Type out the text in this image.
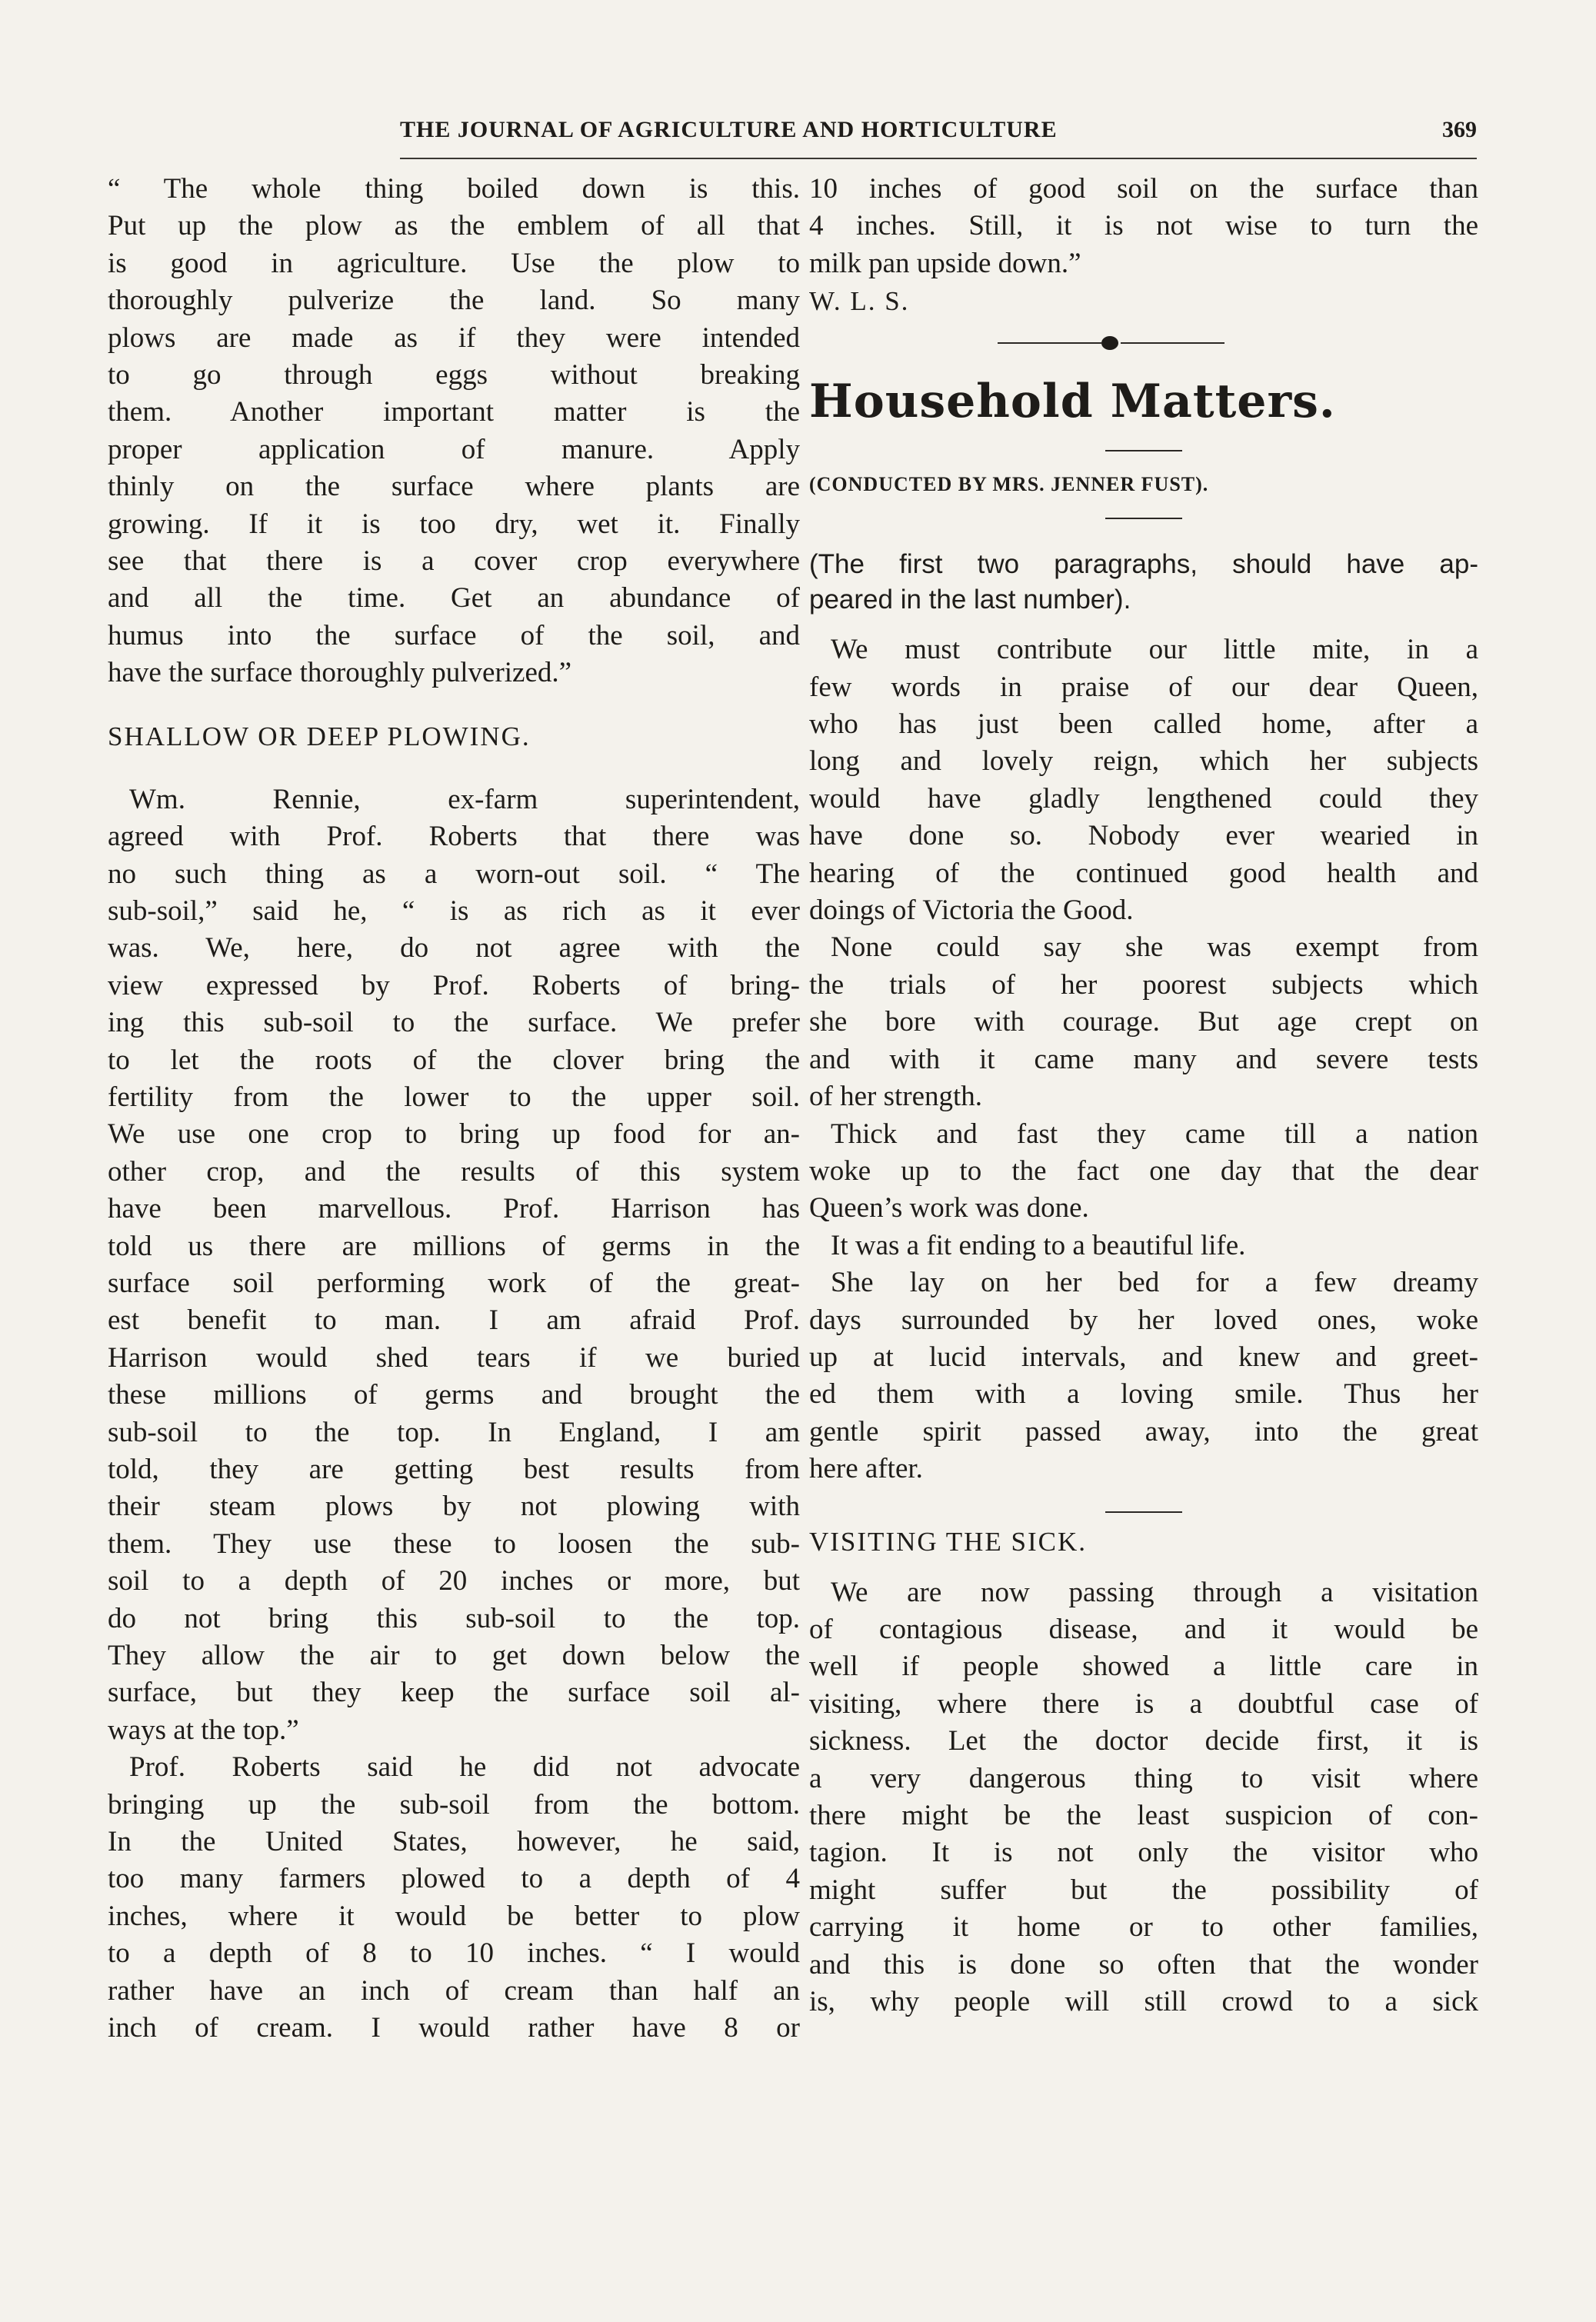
THE JOURNAL OF AGRICULTURE AND HORTICULTURE	369

“ The whole thing boiled down is this.

Put up the plow as the emblem of all that

is good in agriculture. Use the plow to

thoroughly pulverize the land. So many

plows are made as if they were intended

to go through eggs without breaking

them. Another important matter is the

proper application of manure. Apply

thinly on the surface where plants are

growing. If it is too dry, wet it. Finally

see that there is a cover crop everywhere

and all the time. Get an abundance of

humus into the surface of the soil, and

have the surface thoroughly pulverized.”

SHALLOW OR DEEP PLOWING.

Wm. Rennie, ex-farm superintendent,

agreed with Prof. Roberts that there was

no such thing as a worn-out soil. “ The

sub-soil,” said he, “ is as rich as it ever

was. We, here, do not agree with the

view expressed by Prof. Roberts of bring-

ing this sub-soil to the surface. We prefer

to let the roots of the clover bring the

fertility from the lower to the upper soil.

We use one crop to bring up food for an-

other crop, and the results of this system

have been marvellous. Prof. Harrison has

told us there are millions of germs in the

surface soil performing work of the great-

est benefit to man. I am afraid Prof.

Harrison would shed tears if we buried

these millions of germs and brought the

sub-soil to the top. In England, I am

told, they are getting best results from

their steam plows by not plowing with

them. They use these to loosen the sub-

soil to a depth of 20 inches or more, but

do not bring this sub-soil to the top.

They allow the air to get down below the

surface, but they keep the surface soil al-

ways at the top.”

Prof. Roberts said he did not advocate

bringing up the sub-soil from the bottom.

In the United States, however, he said,

too many farmers plowed to a depth of 4

inches, where it would be better to plow

to a depth of 8 to 10 inches. “ I would

rather have an inch of cream than half an

inch of cream. I would rather have 8 or

10 inches of good soil on the surface than

4 inches. Still, it is not wise to turn the

milk pan upside down.”

W. L. S.

Household Matters.

(CONDUCTED BY MRS. JENNER FUST).

(The first two paragraphs, should have ap-

peared in the last number).

We must contribute our little mite, in a

few words in praise of our dear Queen,

who has just been called home, after a

long and lovely reign, which her subjects

would have gladly lengthened could they

have done so. Nobody ever wearied in

hearing of the continued good health and

doings of Victoria the Good.

None could say she was exempt from

the trials of her poorest subjects which

she bore with courage. But age crept on

and with it came many and severe tests

of her strength.

Thick and fast they came till a nation

woke up to the fact one day that the dear

Queen’s work was done.

It was a fit ending to a beautiful life.

She lay on her bed for a few dreamy

days surrounded by her loved ones, woke

up at lucid intervals, and knew and greet-

ed them with a loving smile. Thus her

gentle spirit passed away, into the great

here after.

VISITING THE SICK.

We are now passing through a visitation

of contagious disease, and it would be

well if people showed a little care in

visiting, where there is a doubtful case of

sickness. Let the doctor decide first, it is

a very dangerous thing to visit where

there might be the least suspicion of con-

tagion. It is not only the visitor who

might suffer but the possibility of

carrying it home or to other families,

and this is done so often that the wonder

is, why people will still crowd to a sick
